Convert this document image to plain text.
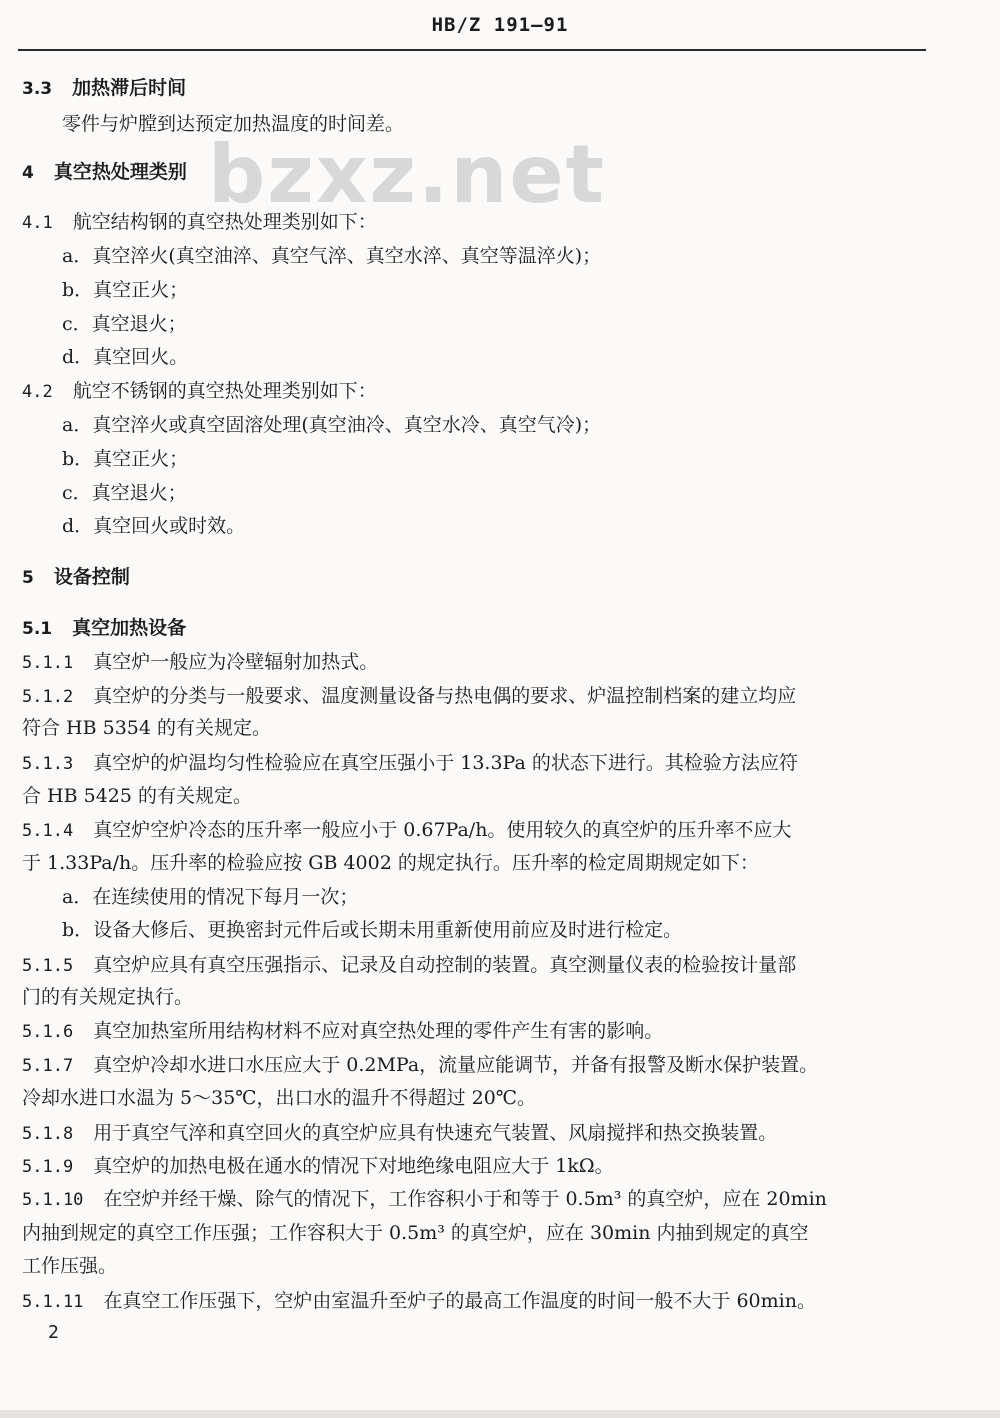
HB/Z 191—91
bzxz.net
3.3 加热滞后时间
零件与炉膛到达预定加热温度的时间差。
4 真空热处理类别
4.1 航空结构钢的真空热处理类别如下：
a．真空淬火(真空油淬、真空气淬、真空水淬、真空等温淬火)；
b．真空正火；
c．真空退火；
d．真空回火。
4.2 航空不锈钢的真空热处理类别如下：
a．真空淬火或真空固溶处理(真空油冷、真空水冷、真空气冷)；
b．真空正火；
c．真空退火；
d．真空回火或时效。
5 设备控制
5.1 真空加热设备
5.1.1 真空炉一般应为冷壁辐射加热式。
5.1.2 真空炉的分类与一般要求、温度测量设备与热电偶的要求、炉温控制档案的建立均应
符合 HB 5354 的有关规定。
5.1.3 真空炉的炉温均匀性检验应在真空压强小于 13.3Pa 的状态下进行。其检验方法应符
合 HB 5425 的有关规定。
5.1.4 真空炉空炉冷态的压升率一般应小于 0.67Pa/h。使用较久的真空炉的压升率不应大
于 1.33Pa/h。压升率的检验应按 GB 4002 的规定执行。压升率的检定周期规定如下：
a．在连续使用的情况下每月一次；
b．设备大修后、更换密封元件后或长期未用重新使用前应及时进行检定。
5.1.5 真空炉应具有真空压强指示、记录及自动控制的装置。真空测量仪表的检验按计量部
门的有关规定执行。
5.1.6 真空加热室所用结构材料不应对真空热处理的零件产生有害的影响。
5.1.7 真空炉冷却水进口水压应大于 0.2MPa，流量应能调节，并备有报警及断水保护装置。
冷却水进口水温为 5～35℃，出口水的温升不得超过 20℃。
5.1.8 用于真空气淬和真空回火的真空炉应具有快速充气装置、风扇搅拌和热交换装置。
5.1.9 真空炉的加热电极在通水的情况下对地绝缘电阻应大于 1kΩ。
5.1.10 在空炉并经干燥、除气的情况下，工作容积小于和等于 0.5m³ 的真空炉，应在 20min
内抽到规定的真空工作压强；工作容积大于 0.5m³ 的真空炉，应在 30min 内抽到规定的真空
工作压强。
5.1.11 在真空工作压强下，空炉由室温升至炉子的最高工作温度的时间一般不大于 60min。
2
